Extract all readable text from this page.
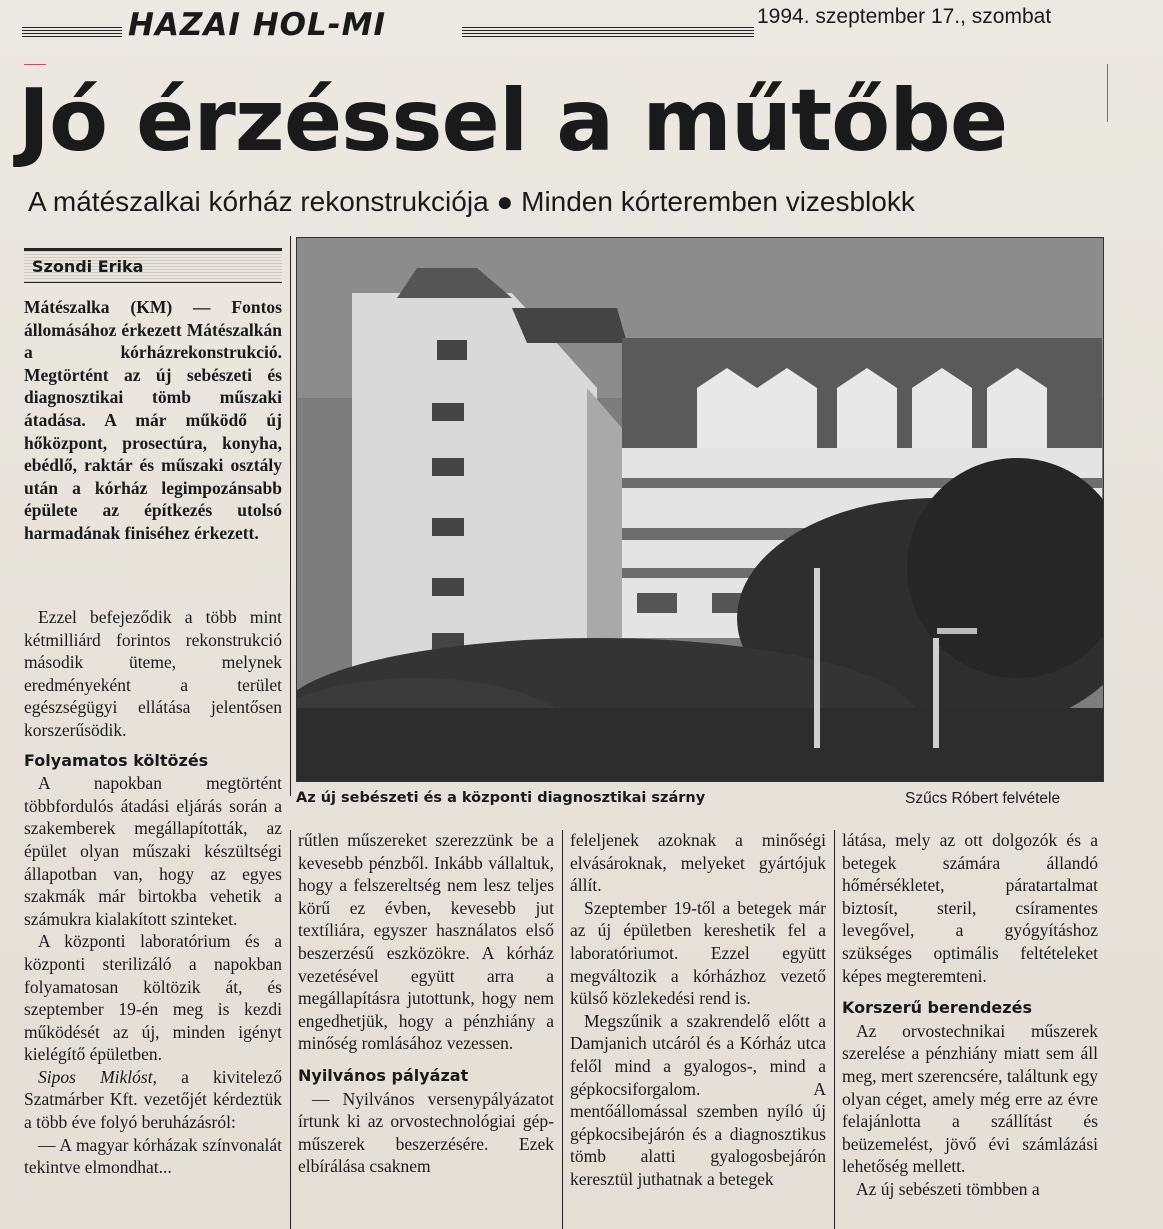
HAZAI HOL-MI	1994. szeptember 17., szombat
Jó érzéssel a műtőbe
A mátészalkai kórház rekonstrukciója ● Minden kórteremben vizesblokk
Szondi Erika

Mátészalka (KM) — Fontos állomásához érkezett Mátészalkán a kórházrekonstrukció. Megtörtént az új sebészeti és diagnosztikai tömb műszaki átadása. A már működő új hőközpont, prosectúra, konyha, ebédlő, raktár és műszaki osztály után a kórház legimpozánsabb épülete az építkezés utolsó harmadának finiséhez érkezett.

Ezzel befejeződik a több mint kétmilliárd forintos rekonstrukció második üteme, melynek eredményeként a terület egészségügyi ellátása jelentősen korszerűsödik.

Folyamatos költözés

A napokban megtörtént többfordulós átadási eljárás során a szakemberek megállapították, az épület olyan műszaki készültségi állapotban van, hogy az egyes szakmák már birtokba vehetik a számukra kialakított szinteket.

A központi laboratórium és a központi sterilizáló a napokban folyamatosan költözik át, és szeptember 19-én meg is kezdi működését az új, minden igényt kielégítő épületben.

Sipos Miklóst, a kivitelező Szatmárber Kft. vezetőjét kérdeztük a több éve folyó beruházásról:

— A magyar kórházak színvonalát tekintve elmondhat...

Az új sebészeti és a központi diagnosztikai szárny	Szűcs Róbert felvétele

rűtlen műszereket szerezzünk be a kevesebb pénzből. Inkább vállaltuk, hogy a felszereltség nem lesz teljes körű ez évben, kevesebb jut textíliára, egyszer használatos első beszerzésű eszközökre. A kórház vezetésével együtt arra a megállapításra jutottunk, hogy nem engedhetjük, hogy a pénzhiány a minőség romlásához vezessen.

Nyilvános pályázat

— Nyilvános versenypályázatot írtunk ki az orvostechnológiai gép-műszerek beszerzésére. Ezek elbírálása csaknem

feleljenek azoknak a minőségi elvásároknak, melyeket gyártójuk állít.

Szeptember 19-től a betegek már az új épületben kereshetik fel a laboratóriumot. Ezzel együtt megváltozik a kórházhoz vezető külső közlekedési rend is.

Megszűnik a szakrendelő előtt a Damjanich utcáról és a Kórház utca felől mind a gyalogos-, mind a gépkocsiforgalom. A mentőállomással szemben nyíló új gépkocsibejárón és a diagnosztikus tömb alatti gyalogosbejárón keresztül juthatnak a betegek

látása, mely az ott dolgozók és a betegek számára állandó hőmérsékletet, páratartalmat biztosít, steril, csíramentes levegővel, a gyógyításhoz szükséges optimális feltételeket képes megteremteni.

Korszerű berendezés

Az orvostechnikai műszerek szerelése a pénzhiány miatt sem áll meg, mert szerencsére, találtunk egy olyan céget, amely még erre az évre felajánlotta a szállítást és beüzemelést, jövő évi számlázási lehetőség mellett.

Az új sebészeti tömbben a
